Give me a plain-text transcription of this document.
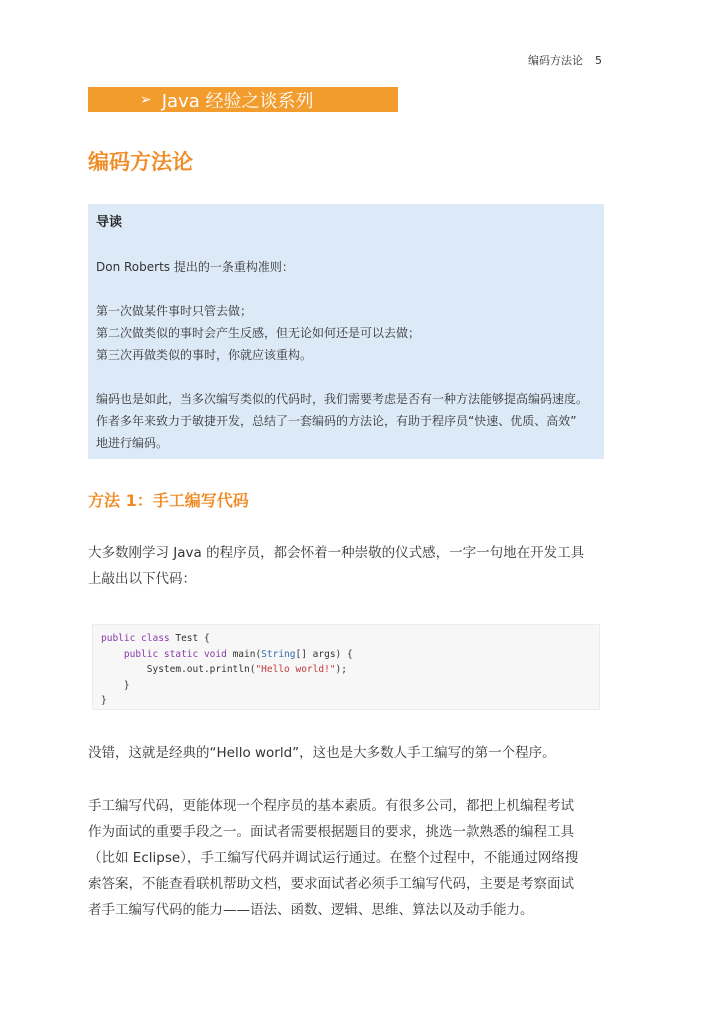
编码方法论 5
➢ Java 经验之谈系列
编码方法论

导读

Don Roberts 提出的一条重构准则：

第一次做某件事时只管去做；

第二次做类似的事时会产生反感，但无论如何还是可以去做；

第三次再做类似的事时，你就应该重构。

编码也是如此，当多次编写类似的代码时，我们需要考虑是否有一种方法能够提高编码速度。

作者多年来致力于敏捷开发，总结了一套编码的方法论，有助于程序员“快速、优质、高效”

地进行编码。

方法 1：手工编写代码
大多数刚学习 Java 的程序员，都会怀着一种崇敬的仪式感，一字一句地在开发工具
上敲出以下代码：
public class Test {
public static void main(String[] args) {
System.out.println("Hello world!");
}
}

没错，这就是经典的“Hello world”，这也是大多数人手工编写的第一个程序。

手工编写代码，更能体现一个程序员的基本素质。有很多公司，都把上机编程考试
作为面试的重要手段之一。面试者需要根据题目的要求，挑选一款熟悉的编程工具
（比如 Eclipse），手工编写代码并调试运行通过。在整个过程中，不能通过网络搜
索答案，不能查看联机帮助文档，要求面试者必须手工编写代码，主要是考察面试
者手工编写代码的能力——语法、函数、逻辑、思维、算法以及动手能力。
